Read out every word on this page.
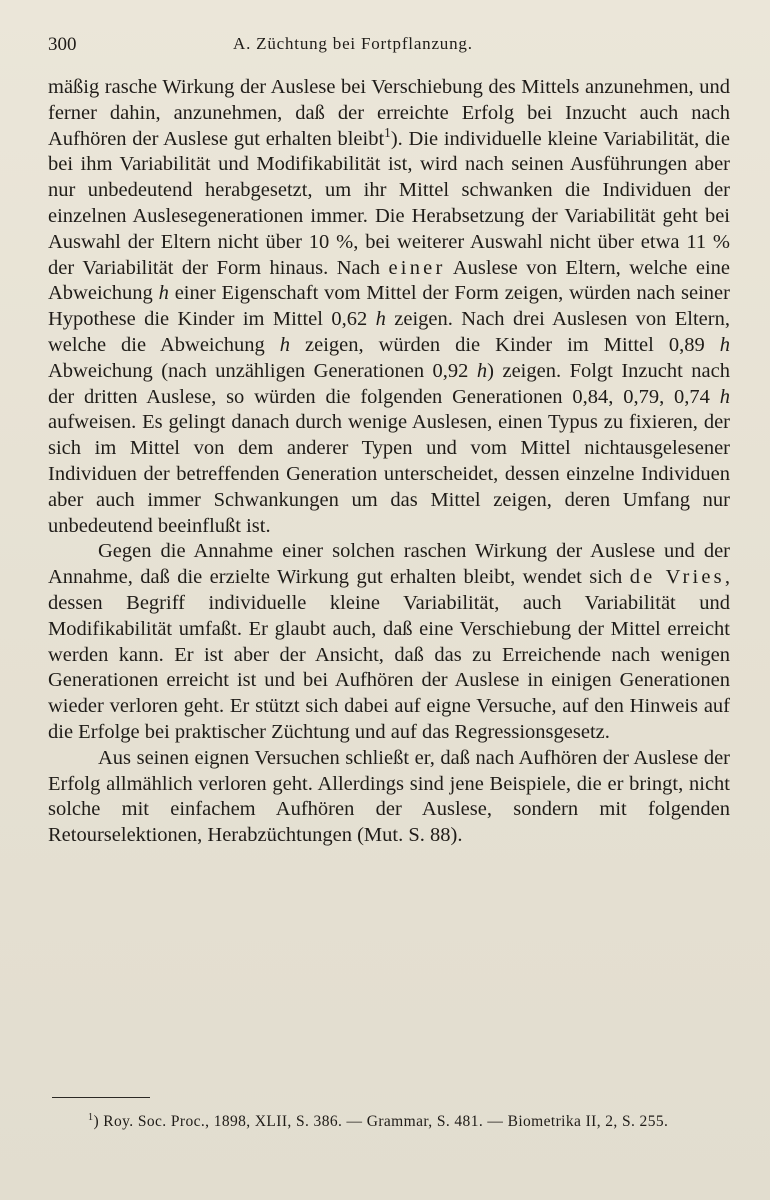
300	A. Züchtung bei Fortpflanzung.

mäßig rasche Wirkung der Auslese bei Verschiebung des Mittels anzunehmen, und ferner dahin, anzunehmen, daß der erreichte Erfolg bei Inzucht auch nach Aufhören der Auslese gut erhalten bleibt$^1$). Die individuelle kleine Variabilität, die bei ihm Variabilität und Modifikabilität ist, wird nach seinen Ausführungen aber nur unbedeutend herabgesetzt, um ihr Mittel schwanken die Individuen der einzelnen Auslesegenerationen immer. Die Herabsetzung der Variabilität geht bei Auswahl der Eltern nicht über 10 %, bei weiterer Auswahl nicht über etwa 11 % der Variabilität der Form hinaus. Nach einer Auslese von Eltern, welche eine Abweichung h einer Eigenschaft vom Mittel der Form zeigen, würden nach seiner Hypothese die Kinder im Mittel 0,62 h zeigen. Nach drei Auslesen von Eltern, welche die Abweichung h zeigen, würden die Kinder im Mittel 0,89 h Abweichung (nach unzähligen Generationen 0,92 h) zeigen. Folgt Inzucht nach der dritten Auslese, so würden die folgenden Generationen 0,84, 0,79, 0,74 h aufweisen. Es gelingt danach durch wenige Auslesen, einen Typus zu fixieren, der sich im Mittel von dem anderer Typen und vom Mittel nichtausgelesener Individuen der betreffenden Generation unterscheidet, dessen einzelne Individuen aber auch immer Schwankungen um das Mittel zeigen, deren Umfang nur unbedeutend beeinflußt ist.

Gegen die Annahme einer solchen raschen Wirkung der Auslese und der Annahme, daß die erzielte Wirkung gut erhalten bleibt, wendet sich de Vries, dessen Begriff individuelle kleine Variabilität, auch Variabilität und Modifikabilität umfaßt. Er glaubt auch, daß eine Verschiebung der Mittel erreicht werden kann. Er ist aber der Ansicht, daß das zu Erreichende nach wenigen Generationen erreicht ist und bei Aufhören der Auslese in einigen Generationen wieder verloren geht. Er stützt sich dabei auf eigne Versuche, auf den Hinweis auf die Erfolge bei praktischer Züchtung und auf das Regressionsgesetz.

Aus seinen eignen Versuchen schließt er, daß nach Aufhören der Auslese der Erfolg allmählich verloren geht. Allerdings sind jene Beispiele, die er bringt, nicht solche mit einfachem Aufhören der Auslese, sondern mit folgenden Retourselektionen, Herabzüchtungen (Mut. S. 88).

$^1$) Roy. Soc. Proc., 1898, XLII, S. 386. — Grammar, S. 481. — Biometrika II, 2, S. 255.
